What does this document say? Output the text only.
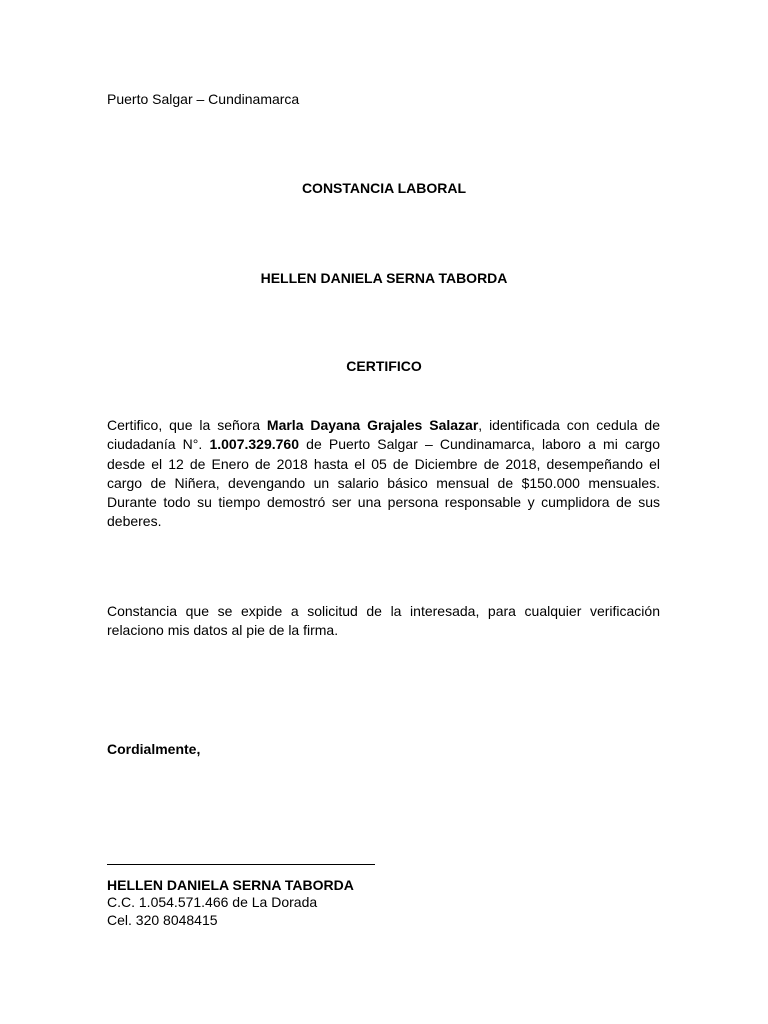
Puerto Salgar – Cundinamarca
CONSTANCIA LABORAL
HELLEN DANIELA SERNA TABORDA
CERTIFICO
Certifico, que la señora Marla Dayana Grajales Salazar, identificada con cedula de ciudadanía N°. 1.007.329.760 de Puerto Salgar – Cundinamarca, laboro a mi cargo desde el 12 de Enero de 2018 hasta el 05 de Diciembre de 2018, desempeñando el cargo de Niñera, devengando un salario básico mensual de $150.000 mensuales. Durante todo su tiempo demostró ser una persona responsable y cumplidora de sus deberes.
Constancia que se expide a solicitud de la interesada, para cualquier verificación relaciono mis datos al pie de la firma.
Cordialmente,
HELLEN DANIELA SERNA TABORDA
C.C. 1.054.571.466 de La Dorada
Cel. 320 8048415
